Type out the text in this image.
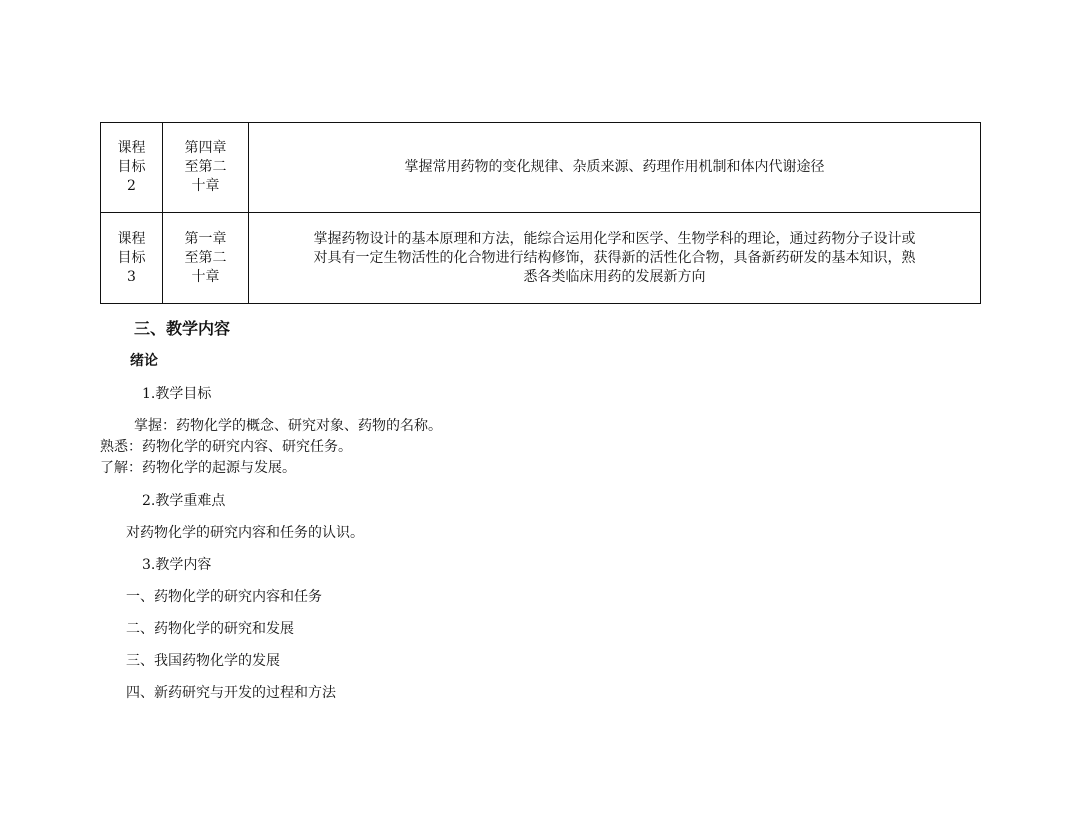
课程
目标
2	第四章
至第二
十章	掌握常用药物的变化规律、杂质来源、药理作用机制和体内代谢途径

课程
目标
3	第一章
至第二
十章	掌握药物设计的基本原理和方法，能综合运用化学和医学、生物学科的理论，通过药物分子设计或
对具有一定生物活性的化合物进行结构修饰，获得新的活性化合物，具备新药研发的基本知识，熟
悉各类临床用药的发展新方向
三、教学内容
绪论
1.教学目标
掌握：药物化学的概念、研究对象、药物的名称。
熟悉：药物化学的研究内容、研究任务。
了解：药物化学的起源与发展。
2.教学重难点
对药物化学的研究内容和任务的认识。
3.教学内容
一、药物化学的研究内容和任务
二、药物化学的研究和发展
三、我国药物化学的发展
四、新药研究与开发的过程和方法
